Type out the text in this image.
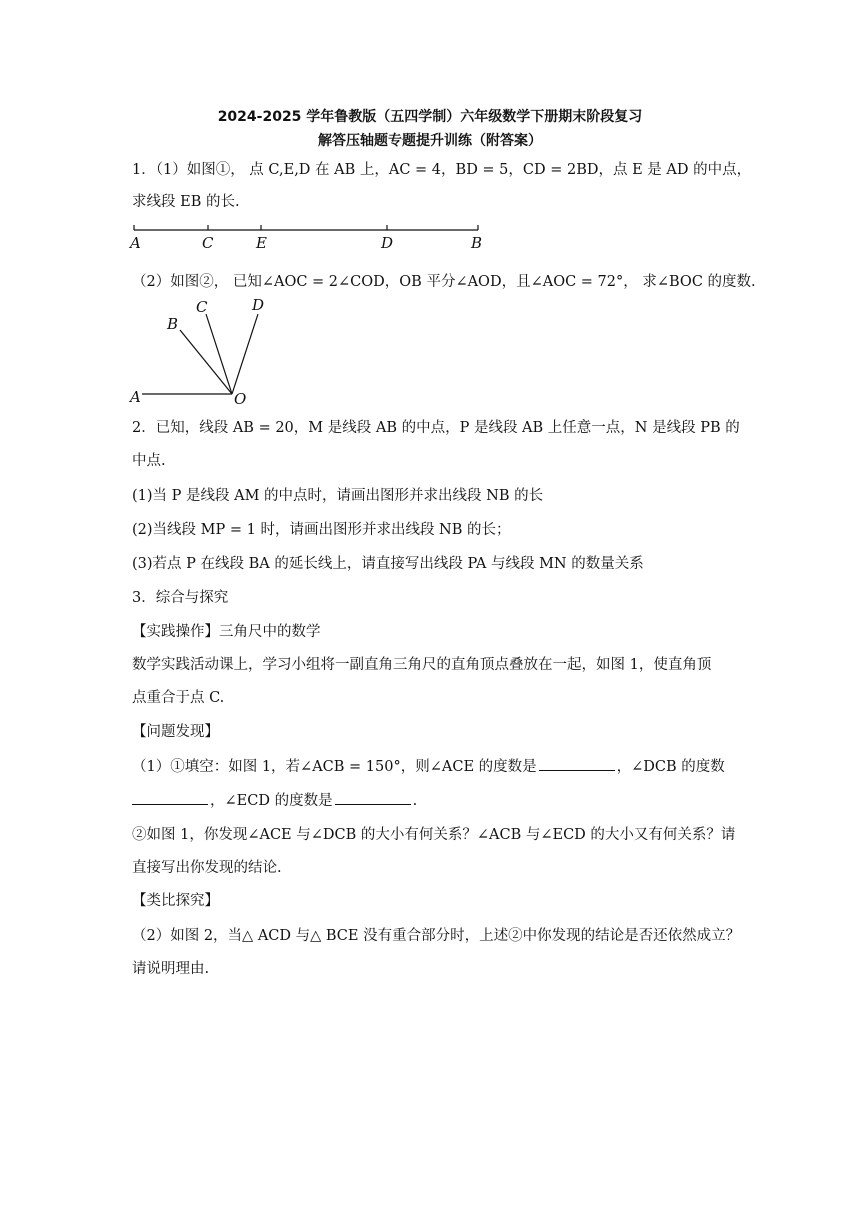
2024-2025 学年鲁教版（五四学制）六年级数学下册期末阶段复习
解答压轴题专题提升训练（附答案）
1．（1）如图①， 点 C,E,D 在 AB 上，AC = 4，BD = 5，CD = 2BD，点 E 是 AD 的中点，
求线段 EB 的长.
A	C	E	D	B
（2）如图②， 已知∠AOC = 2∠COD，OB 平分∠AOD，且∠AOC = 72°， 求∠BOC 的度数.
A
B
C	D
O
2．已知，线段 AB = 20，M 是线段 AB 的中点，P 是线段 AB 上任意一点，N 是线段 PB 的
中点.
(1)当 P 是线段 AM 的中点时，请画出图形并求出线段 NB 的长
(2)当线段 MP = 1 时，请画出图形并求出线段 NB 的长；
(3)若点 P 在线段 BA 的延长线上，请直接写出线段 PA 与线段 MN 的数量关系
3．综合与探究
【实践操作】三角尺中的数学
数学实践活动课上，学习小组将一副直角三角尺的直角顶点叠放在一起，如图 1，使直角顶
点重合于点 C.
【问题发现】
（1）①填空：如图 1，若∠ACB = 150°，则∠ACE 的度数是	，∠DCB 的度数
，∠ECD 的度数是	.
②如图 1，你发现∠ACE 与∠DCB 的大小有何关系？∠ACB 与∠ECD 的大小又有何关系？请
直接写出你发现的结论.
【类比探究】
（2）如图 2，当△ ACD 与△ BCE 没有重合部分时，上述②中你发现的结论是否还依然成立？
请说明理由.
